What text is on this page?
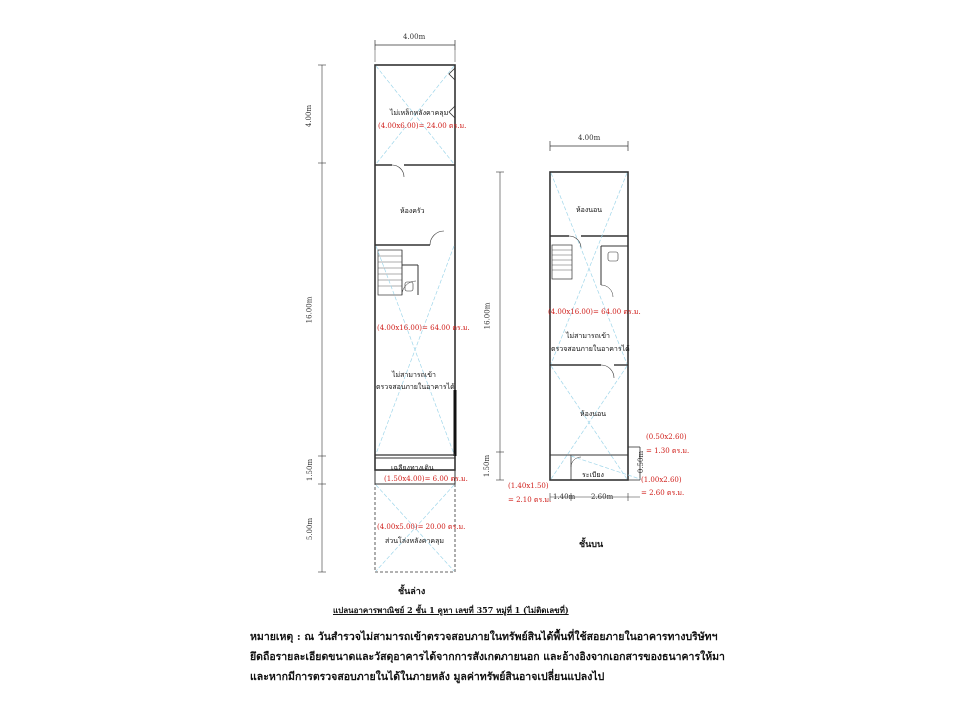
4.00m
ไม่เหล็กหลังคาคลุม
(4.00x6.00)= 24.00 ตร.ม.
ห้องครัว
(4.00x16.00)= 64.00 ตร.ม.
ไม่สามารถเข้า
ตรวจสอบภายในอาคารได้
เฉลียงทางเดิน
(1.50x4.00)= 6.00 ตร.ม.
(4.00x5.00)= 20.00 ตร.ม.
ส่วนโล่งหลังคาคลุม
4.00m
16.00m
1.50m
5.00m
ชั้นล่าง
4.00m
ห้องนอน
(4.00x16.00)= 64.00 ตร.ม.
ไม่สามารถเข้า
ตรวจสอบภายในอาคารได้
ห้องนอน
ระเบียง
16.00m
1.50m	0.50m
1.40m 2.60m
(0.50x2.60)
= 1.30 ตร.ม.
(1.00x2.60)
= 2.60 ตร.ม.
(1.40x1.50)
= 2.10 ตร.ม.
ชั้นบน
แปลนอาคารพาณิชย์ 2 ชั้น 1 คูหา เลขที่ 357 หมู่ที่ 1 (ไม่ติดเลขที่)
หมายเหตุ : ณ วันสำรวจไม่สามารถเข้าตรวจสอบภายในทรัพย์สินได้พื้นที่ใช้สอยภายในอาคารทางบริษัทฯ
ยึดถือรายละเอียดขนาดและวัสดุอาคารได้จากการสังเกตภายนอก และอ้างอิงจากเอกสารของธนาคารให้มา
และหากมีการตรวจสอบภายในได้ในภายหลัง มูลค่าทรัพย์สินอาจเปลี่ยนแปลงไป
